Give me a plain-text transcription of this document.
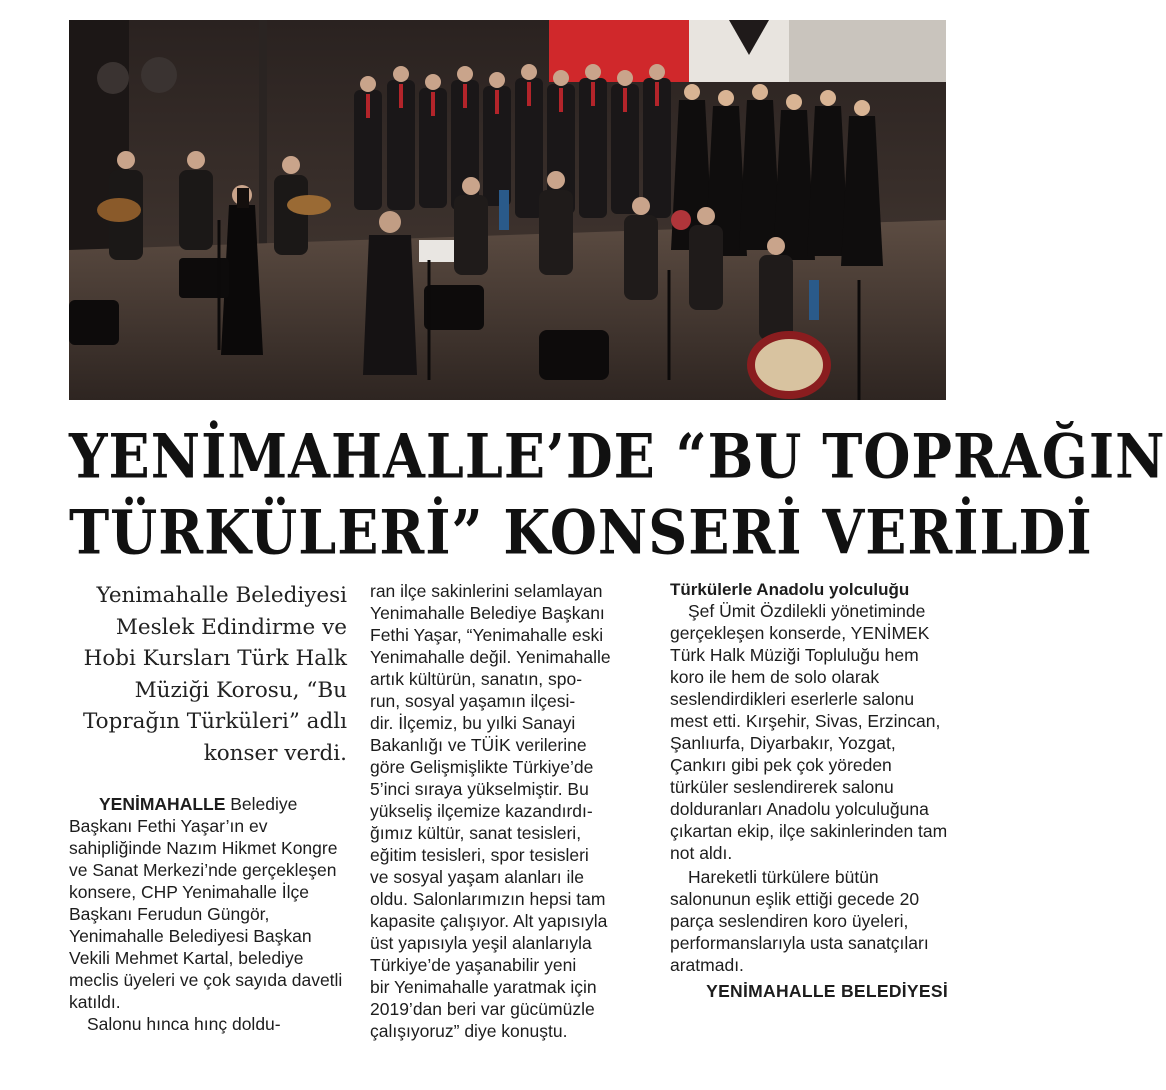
YENİMAHALLE’DE “BU TOPRAĞIN
TÜRKÜLERİ” KONSERİ VERİLDİ

Yenimahalle Belediyesi Meslek Edindirme ve Hobi Kursları Türk Halk Müziği Korosu, “Bu Toprağın Türküleri” adlı konser verdi.

YENİMAHALLE Belediye Başkanı Fethi Yaşar’ın ev sahipliğinde Nazım Hikmet Kongre ve Sanat Merkezi’nde gerçekleşen konsere, CHP Yenimahalle İlçe Başkanı Ferudun Güngör, Yenimahalle Belediyesi Başkan Vekili Mehmet Kartal, belediye meclis üyeleri ve çok sayıda davetli katıldı.

Salonu hınca hınç doldu-

ran ilçe sakinlerini selamlayan

Yenimahalle Belediye Başkanı

Fethi Yaşar, “Yenimahalle eski

Yenimahalle değil. Yenimahalle

artık kültürün, sanatın, spo-

run, sosyal yaşamın ilçesi-

dir. İlçemiz, bu yılki Sanayi

Bakanlığı ve TÜİK verilerine

göre Gelişmişlikte Türkiye’de

5’inci sıraya yükselmiştir. Bu

yükseliş ilçemize kazandırdı-

ğımız kültür, sanat tesisleri,

eğitim tesisleri, spor tesisleri

ve sosyal yaşam alanları ile

oldu. Salonlarımızın hepsi tam

kapasite çalışıyor. Alt yapısıyla

üst yapısıyla yeşil alanlarıyla

Türkiye’de yaşanabilir yeni

bir Yenimahalle yaratmak için

2019’dan beri var gücümüzle

çalışıyoruz” diye konuştu.

Türkülerle Anadolu yolculuğu

Şef Ümit Özdilekli yönetiminde gerçekleşen konserde, YENİMEK Türk Halk Müziği Topluluğu hem koro ile hem de solo olarak seslendirdikleri eserlerle salonu mest etti. Kırşehir, Sivas, Erzincan, Şanlıurfa, Diyarbakır, Yozgat, Çankırı gibi pek çok yöreden türküler seslendirerek salonu dolduranları Anadolu yolculuğuna çıkartan ekip, ilçe sakinlerinden tam not aldı.

Hareketli türkülere bütün salonunun eşlik ettiği gecede 20 parça seslendiren koro üyeleri, performanslarıyla usta sanatçıları aratmadı.

YENİMAHALLE BELEDİYESİ
